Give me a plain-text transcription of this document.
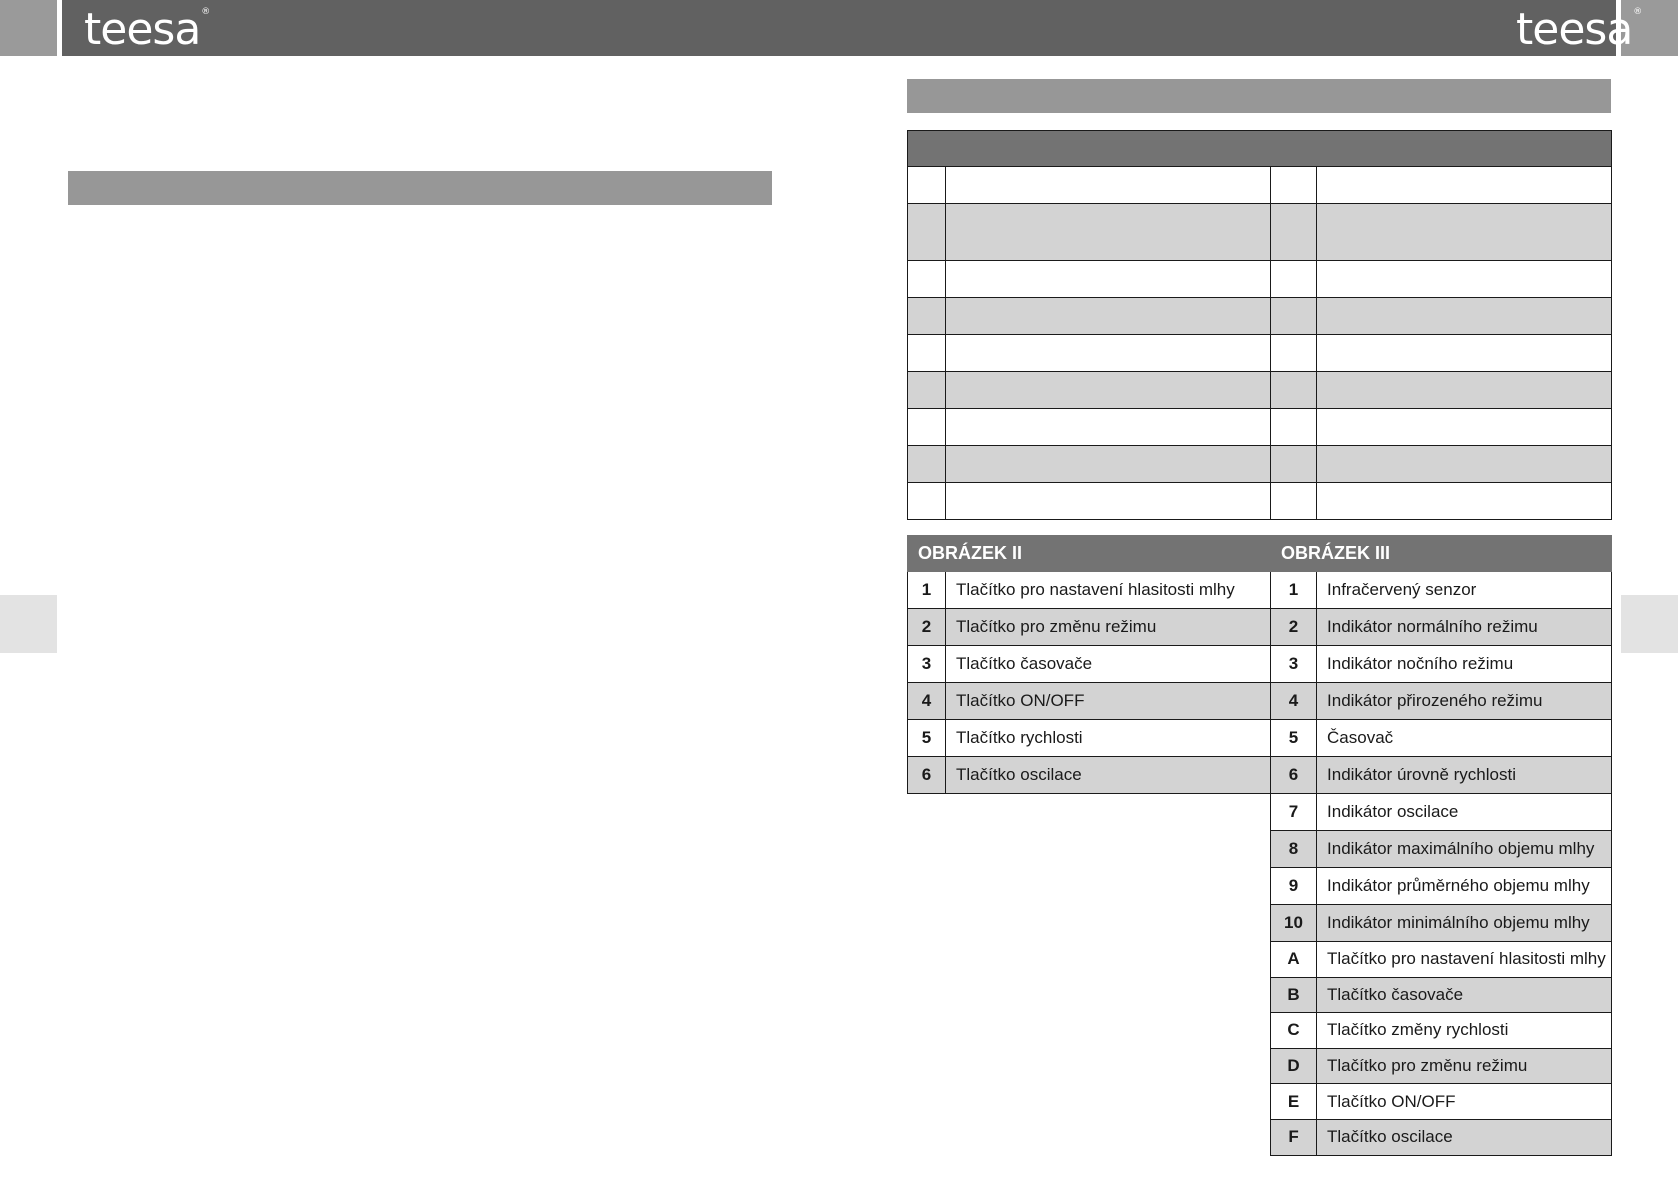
teesa®	teesa®

OBRÁZEK II		OBRÁZEK III	
1	Tlačítko pro nastavení hlasitosti mlhy	1	Infračervený senzor
2	Tlačítko pro změnu režimu	2	Indikátor normálního režimu
3	Tlačítko časovače	3	Indikátor nočního režimu
4	Tlačítko ON/OFF	4	Indikátor přirozeného režimu
5	Tlačítko rychlosti	5	Časovač
6	Tlačítko oscilace	6	Indikátor úrovně rychlosti
		7	Indikátor oscilace
		8	Indikátor maximálního objemu mlhy
		9	Indikátor průměrného objemu mlhy
		10	Indikátor minimálního objemu mlhy
		A	Tlačítko pro nastavení hlasitosti mlhy
		B	Tlačítko časovače
		C	Tlačítko změny rychlosti
		D	Tlačítko pro změnu režimu
		E	Tlačítko ON/OFF
		F	Tlačítko oscilace
